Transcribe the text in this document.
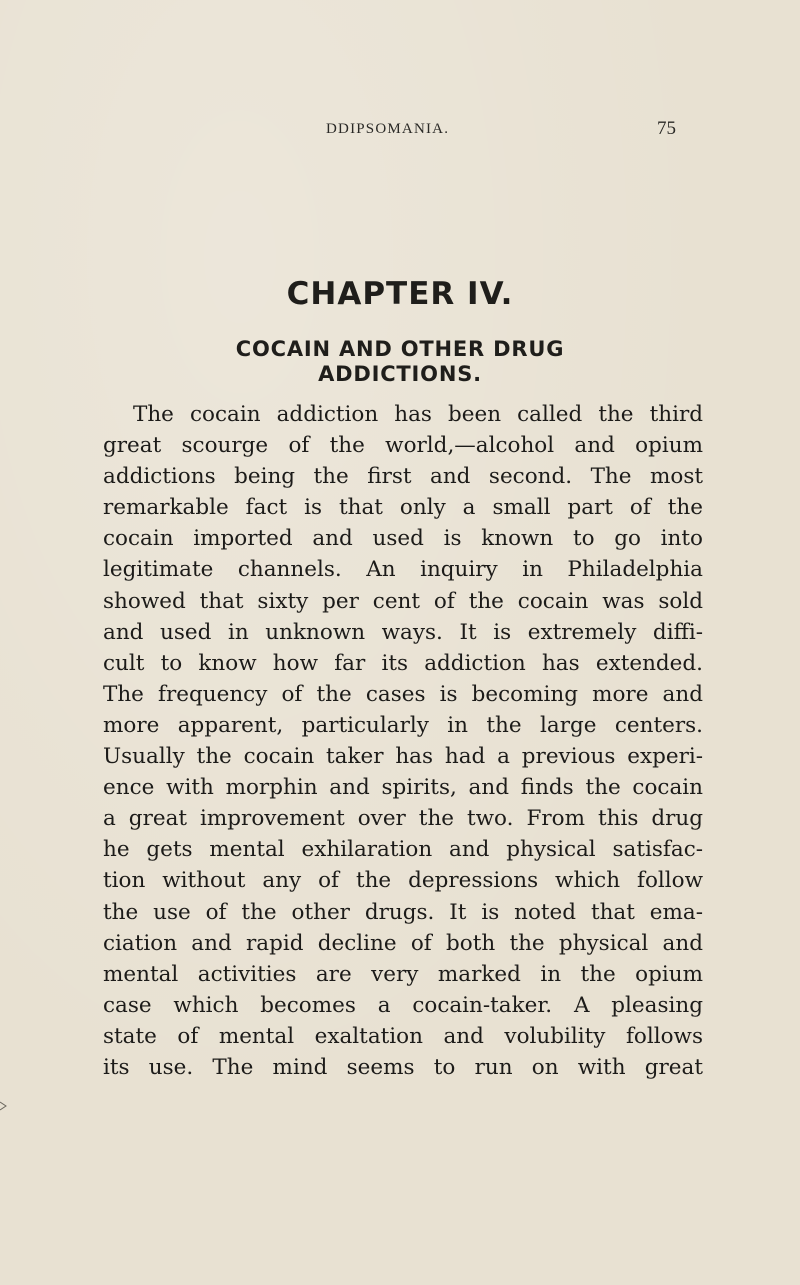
DDIPSOMANIA.	75
CHAPTER IV.
COCAIN AND OTHER DRUG
ADDICTIONS.
The cocain addiction has been called the third
great scourge of the world,—alcohol and opium
addictions being the first and second. The most
remarkable fact is that only a small part of the
cocain imported and used is known to go into
legitimate channels. An inquiry in Philadelphia
showed that sixty per cent of the cocain was sold
and used in unknown ways. It is extremely diffi-
cult to know how far its addiction has extended.
The frequency of the cases is becoming more and
more apparent, particularly in the large centers.
Usually the cocain taker has had a previous experi-
ence with morphin and spirits, and finds the cocain
a great improvement over the two. From this drug
he gets mental exhilaration and physical satisfac-
tion without any of the depressions which follow
the use of the other drugs. It is noted that ema-
ciation and rapid decline of both the physical and
mental activities are very marked in the opium
case which becomes a cocain-taker. A pleasing
state of mental exaltation and volubility follows
its use. The mind seems to run on with great
